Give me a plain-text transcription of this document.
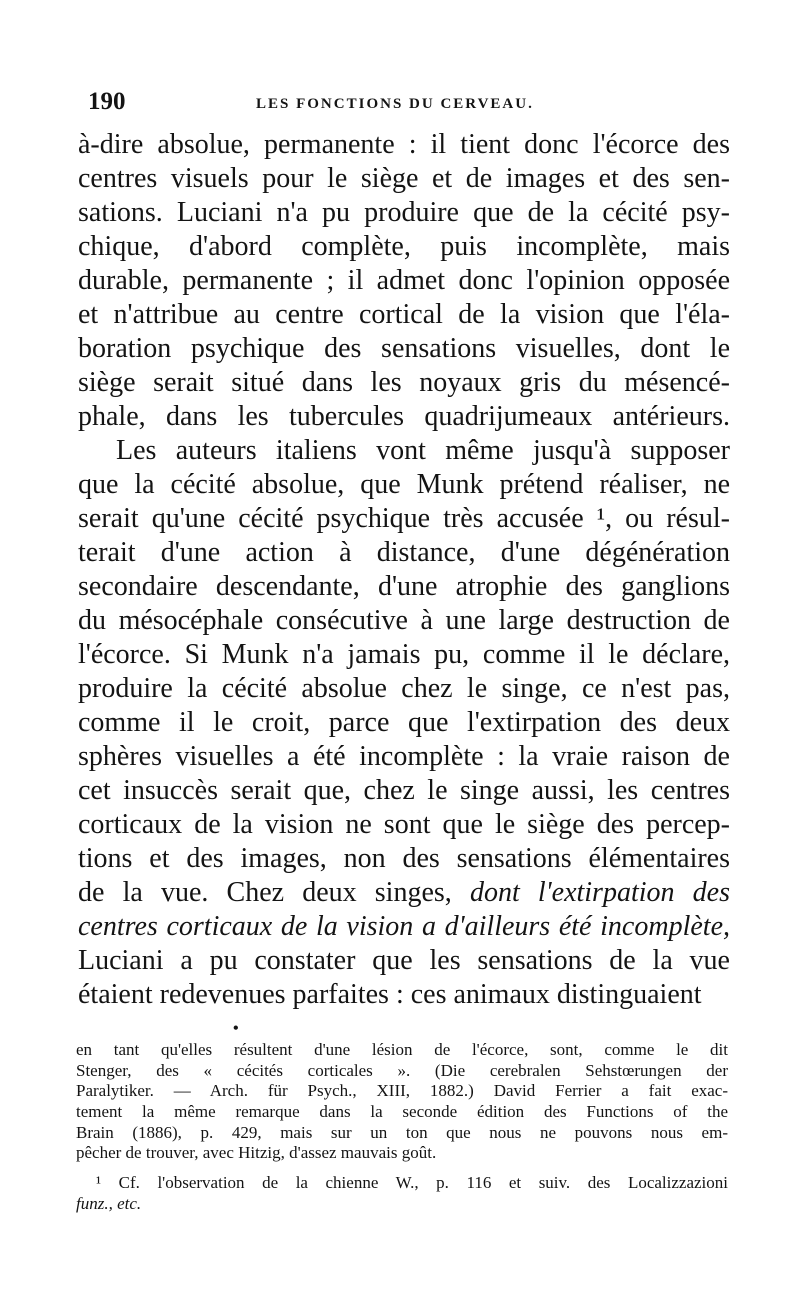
190	LES FONCTIONS DU CERVEAU.
à-dire absolue, permanente : il tient donc l'écorce des
centres visuels pour le siège et de images et des sen-
sations. Luciani n'a pu produire que de la cécité psy-
chique, d'abord complète, puis incomplète, mais
durable, permanente ; il admet donc l'opinion opposée
et n'attribue au centre cortical de la vision que l'éla-
boration psychique des sensations visuelles, dont le
siège serait situé dans les noyaux gris du mésencé-
phale, dans les tubercules quadrijumeaux antérieurs.
Les auteurs italiens vont même jusqu'à supposer
que la cécité absolue, que Munk prétend réaliser, ne
serait qu'une cécité psychique très accusée ¹, ou résul-
terait d'une action à distance, d'une dégénération
secondaire descendante, d'une atrophie des ganglions
du mésocéphale consécutive à une large destruction de
l'écorce. Si Munk n'a jamais pu, comme il le déclare,
produire la cécité absolue chez le singe, ce n'est pas,
comme il le croit, parce que l'extirpation des deux
sphères visuelles a été incomplète : la vraie raison de
cet insuccès serait que, chez le singe aussi, les centres
corticaux de la vision ne sont que le siège des percep-
tions et des images, non des sensations élémentaires
de la vue. Chez deux singes, dont l'extirpation des
centres corticaux de la vision a d'ailleurs été incomplète,
Luciani a pu constater que les sensations de la vue
étaient redevenues parfaites : ces animaux distinguaient
•
en tant qu'elles résultent d'une lésion de l'écorce, sont, comme le dit
Stenger, des « cécités corticales ». (Die cerebralen Sehstœrungen der
Paralytiker. — Arch. für Psych., XIII, 1882.) David Ferrier a fait exac-
tement la même remarque dans la seconde édition des Functions of the
Brain (1886), p. 429, mais sur un ton que nous ne pouvons nous em-
pêcher de trouver, avec Hitzig, d'assez mauvais goût.
¹ Cf. l'observation de la chienne W., p. 116 et suiv. des Localizzazioni
funz., etc.
